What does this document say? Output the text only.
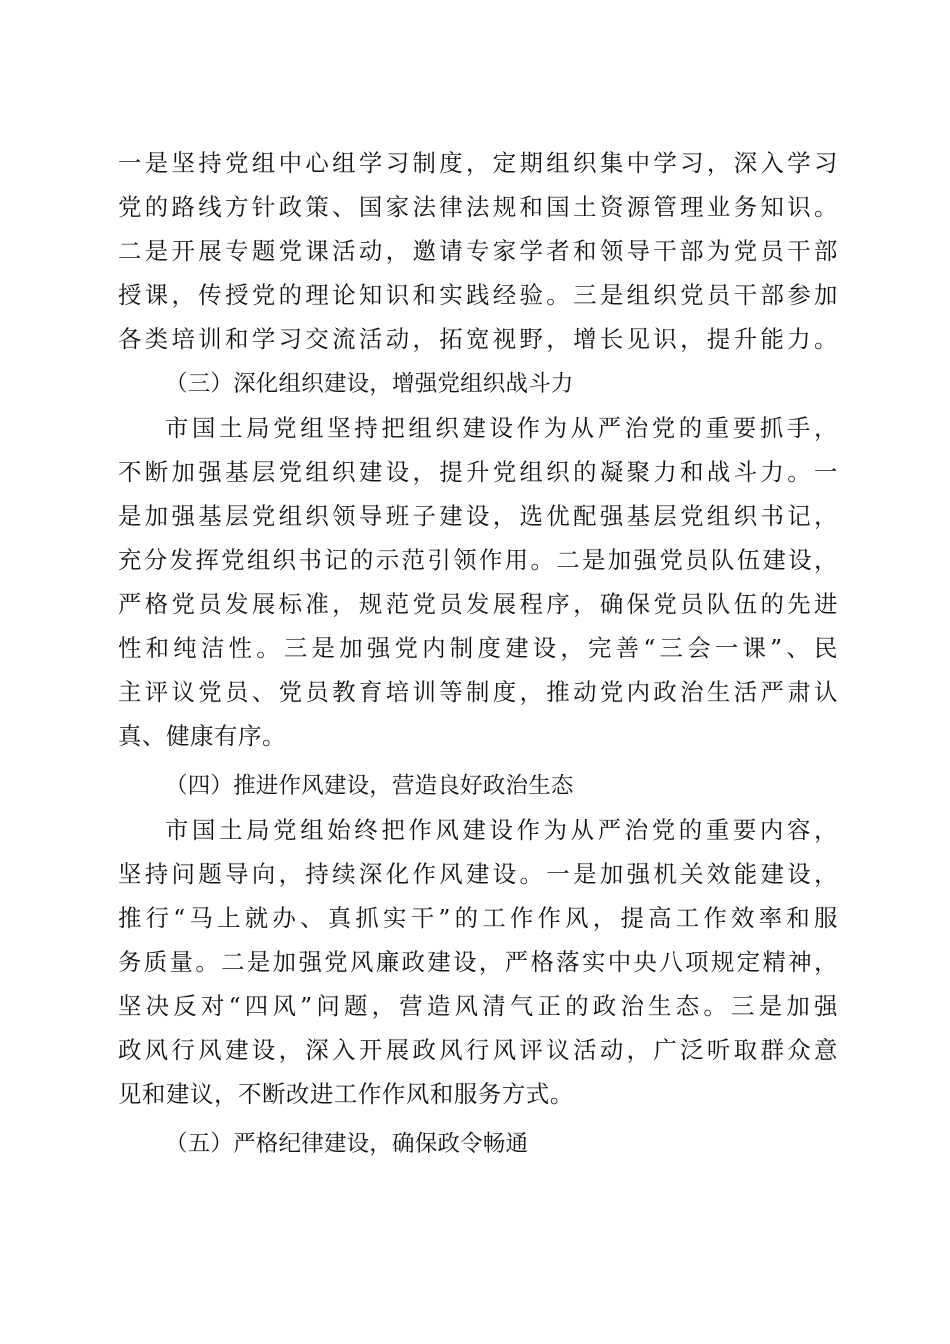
一是坚持党组中心组学习制度，定期组织集中学习，深入学习
党的路线方针政策、国家法律法规和国土资源管理业务知识。
二是开展专题党课活动，邀请专家学者和领导干部为党员干部
授课，传授党的理论知识和实践经验。三是组织党员干部参加
各类培训和学习交流活动，拓宽视野，增长见识，提升能力。
（三）深化组织建设，增强党组织战斗力
市国土局党组坚持把组织建设作为从严治党的重要抓手，
不断加强基层党组织建设，提升党组织的凝聚力和战斗力。一
是加强基层党组织领导班子建设，选优配强基层党组织书记，
充分发挥党组织书记的示范引领作用。二是加强党员队伍建设，
严格党员发展标准，规范党员发展程序，确保党员队伍的先进
性和纯洁性。三是加强党内制度建设，完善“三会一课”、民
主评议党员、党员教育培训等制度，推动党内政治生活严肃认
真、健康有序。
（四）推进作风建设，营造良好政治生态
市国土局党组始终把作风建设作为从严治党的重要内容，
坚持问题导向，持续深化作风建设。一是加强机关效能建设，
推行“马上就办、真抓实干”的工作作风，提高工作效率和服
务质量。二是加强党风廉政建设，严格落实中央八项规定精神，
坚决反对“四风”问题，营造风清气正的政治生态。三是加强
政风行风建设，深入开展政风行风评议活动，广泛听取群众意
见和建议，不断改进工作作风和服务方式。
（五）严格纪律建设，确保政令畅通
